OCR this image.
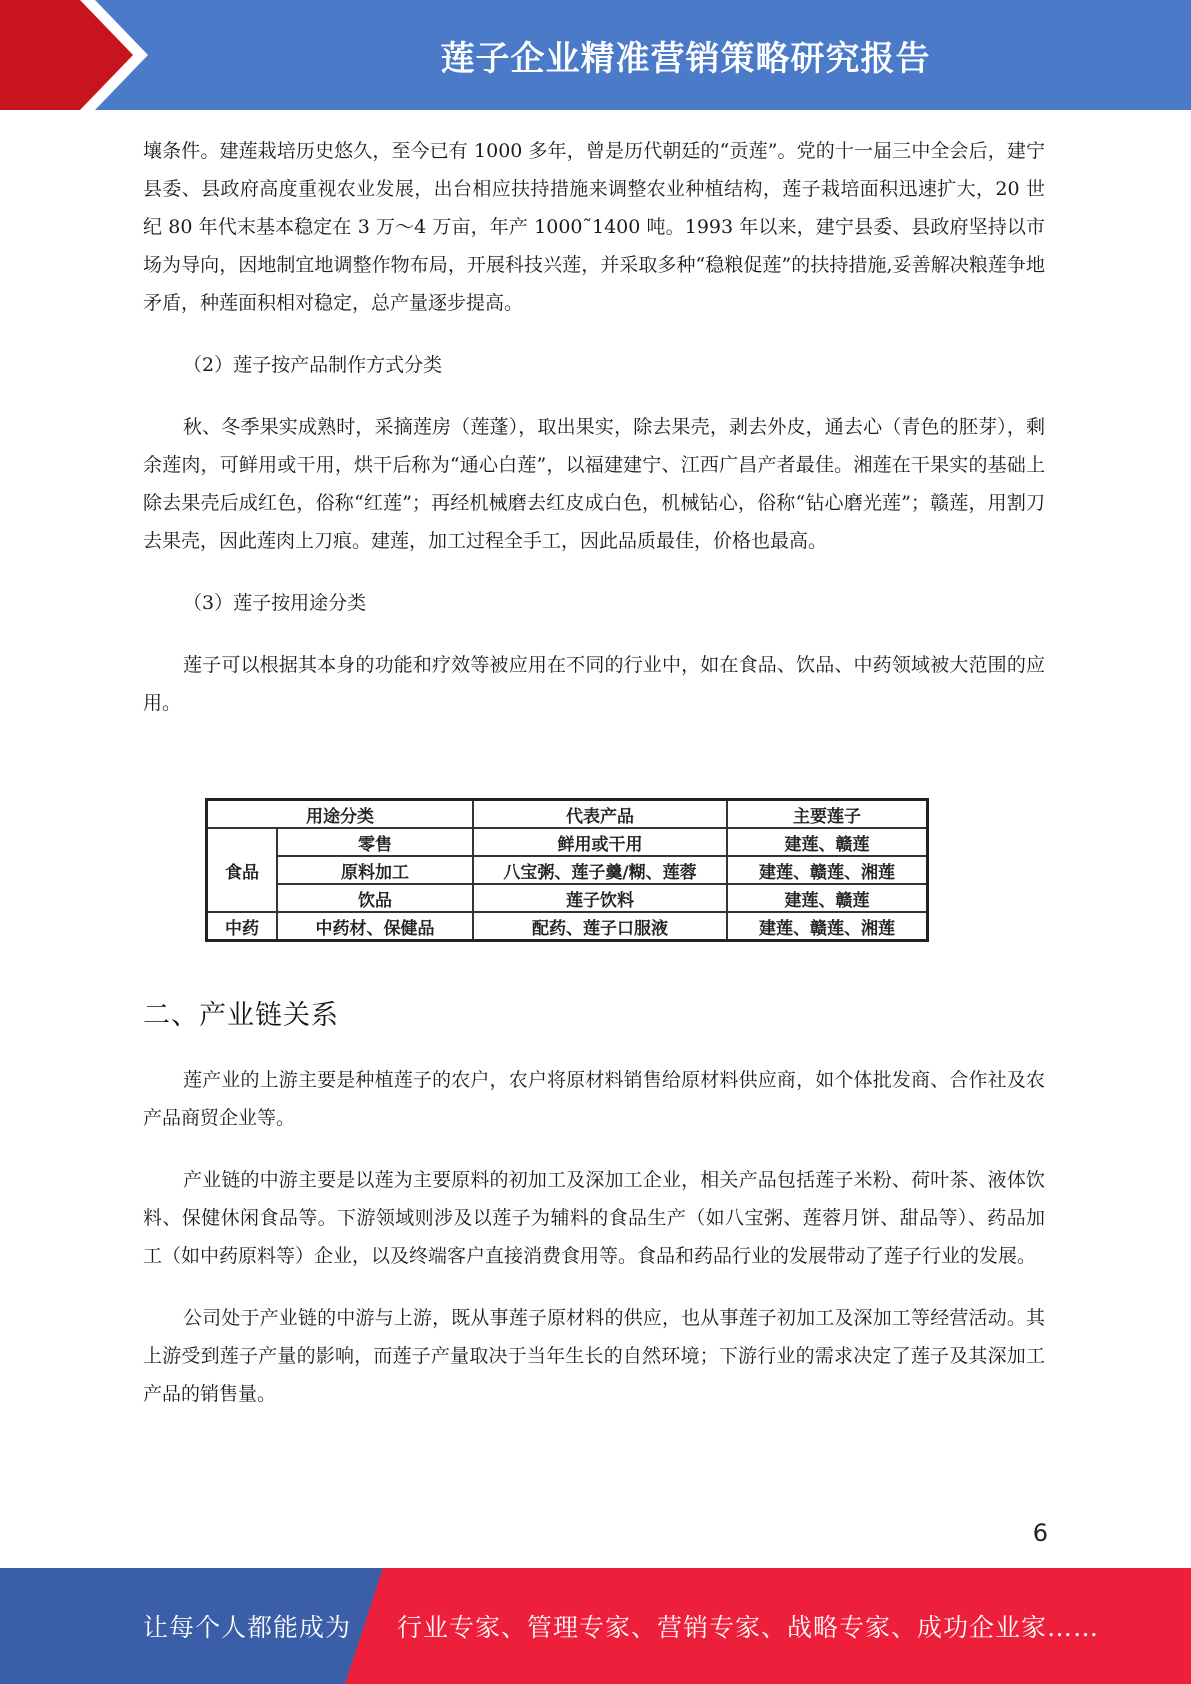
莲子企业精准营销策略研究报告

壤条件。建莲栽培历史悠久，至今已有 1000 多年，曾是历代朝廷的“贡莲”。党的十一届三中全会后，建宁县委、县政府高度重视农业发展，出台相应扶持措施来调整农业种植结构，莲子栽培面积迅速扩大，20 世纪 80 年代末基本稳定在 3 万～4 万亩，年产 1000˜1400 吨。1993 年以来，建宁县委、县政府坚持以市场为导向，因地制宜地调整作物布局，开展科技兴莲，并采取多种“稳粮促莲”的扶持措施,妥善解决粮莲争地矛盾，种莲面积相对稳定，总产量逐步提高。

（2）莲子按产品制作方式分类

秋、冬季果实成熟时，采摘莲房（莲蓬），取出果实，除去果壳，剥去外皮，通去心（青色的胚芽），剩余莲肉，可鲜用或干用，烘干后称为“通心白莲”，以福建建宁、江西广昌产者最佳。湘莲在干果实的基础上除去果壳后成红色，俗称“红莲”；再经机械磨去红皮成白色，机械钻心，俗称“钻心磨光莲”；赣莲，用割刀去果壳，因此莲肉上刀痕。建莲，加工过程全手工，因此品质最佳，价格也最高。

（3）莲子按用途分类

莲子可以根据其本身的功能和疗效等被应用在不同的行业中，如在食品、饮品、中药领域被大范围的应用。

用途分类		代表产品	主要莲子
食品	零售	鲜用或干用	建莲、赣莲
	原料加工	八宝粥、莲子羹/糊、莲蓉	建莲、赣莲、湘莲
	饮品	莲子饮料	建莲、赣莲
中药	中药材、保健品	配药、莲子口服液	建莲、赣莲、湘莲
二、产业链关系

莲产业的上游主要是种植莲子的农户，农户将原材料销售给原材料供应商，如个体批发商、合作社及农产品商贸企业等。

产业链的中游主要是以莲为主要原料的初加工及深加工企业，相关产品包括莲子米粉、荷叶茶、液体饮料、保健休闲食品等。下游领域则涉及以莲子为辅料的食品生产（如八宝粥、莲蓉月饼、甜品等）、药品加工（如中药原料等）企业，以及终端客户直接消费食用等。食品和药品行业的发展带动了莲子行业的发展。

公司处于产业链的中游与上游，既从事莲子原材料的供应，也从事莲子初加工及深加工等经营活动。其上游受到莲子产量的影响，而莲子产量取决于当年生长的自然环境；下游行业的需求决定了莲子及其深加工产品的销售量。

6
让每个人都能成为 行业专家、管理专家、营销专家、战略专家、成功企业家……
